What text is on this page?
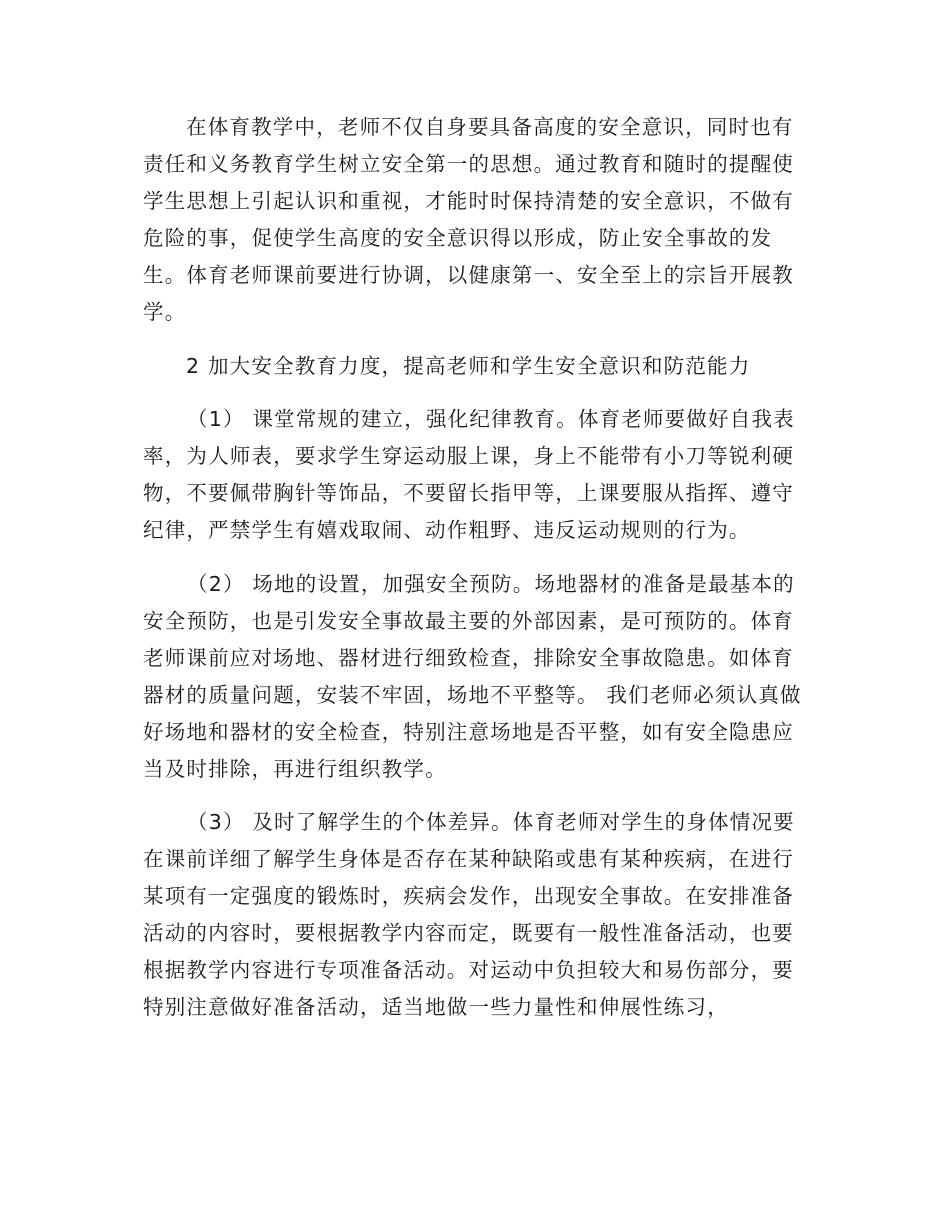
在体育教学中，老师不仅自身要具备高度的安全意识，同时也有
责任和义务教育学生树立安全第一的思想。通过教育和随时的提醒使
学生思想上引起认识和重视，才能时时保持清楚的安全意识，不做有
危险的事，促使学生高度的安全意识得以形成，防止安全事故的发
生。体育老师课前要进行协调，以健康第一、安全至上的宗旨开展教
学。
2 加大安全教育力度，提高老师和学生安全意识和防范能力
（1） 课堂常规的建立，强化纪律教育。体育老师要做好自我表
率，为人师表，要求学生穿运动服上课，身上不能带有小刀等锐利硬
物，不要佩带胸针等饰品，不要留长指甲等，上课要服从指挥、遵守
纪律，严禁学生有嬉戏取闹、动作粗野、违反运动规则的行为。
（2） 场地的设置，加强安全预防。场地器材的准备是最基本的
安全预防，也是引发安全事故最主要的外部因素，是可预防的。体育
老师课前应对场地、器材进行细致检查，排除安全事故隐患。如体育
器材的质量问题，安装不牢固，场地不平整等。 我们老师必须认真做
好场地和器材的安全检查，特别注意场地是否平整，如有安全隐患应
当及时排除，再进行组织教学。
（3） 及时了解学生的个体差异。体育老师对学生的身体情况要
在课前详细了解学生身体是否存在某种缺陷或患有某种疾病，在进行
某项有一定强度的锻炼时，疾病会发作，出现安全事故。在安排准备
活动的内容时，要根据教学内容而定，既要有一般性准备活动，也要
根据教学内容进行专项准备活动。对运动中负担较大和易伤部分，要
特别注意做好准备活动，适当地做一些力量性和伸展性练习，
